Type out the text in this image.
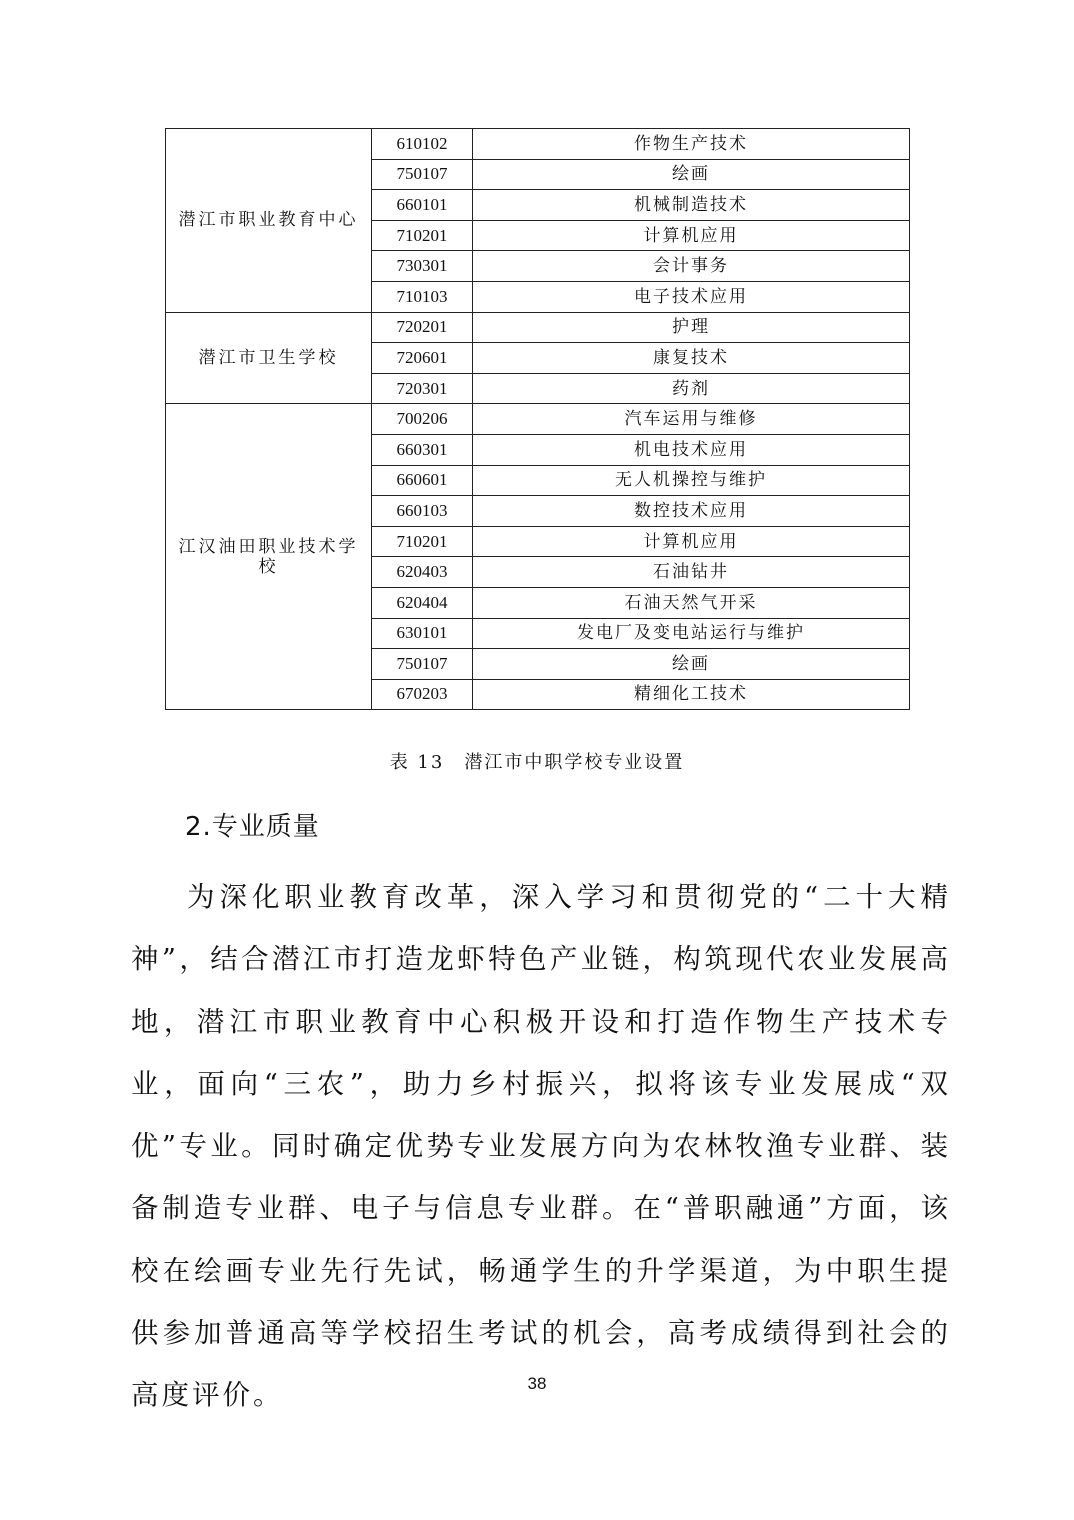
潜江市职业教育中心	610102	作物生产技术
	750107	绘画
	660101	机械制造技术
	710201	计算机应用
	730301	会计事务
	710103	电子技术应用
潜江市卫生学校	720201	护理
	720601	康复技术
	720301	药剂
江汉油田职业技术学校	700206	汽车运用与维修
	660301	机电技术应用
	660601	无人机操控与维护
	660103	数控技术应用
	710201	计算机应用
	620403	石油钻井
	620404	石油天然气开采
	630101	发电厂及变电站运行与维护
	750107	绘画
	670203	精细化工技术
表 13　潜江市中职学校专业设置
2.专业质量

为深化职业教育改革，深入学习和贯彻党的“二十大精神”，结合潜江市打造龙虾特色产业链，构筑现代农业发展高地，潜江市职业教育中心积极开设和打造作物生产技术专业，面向“三农”，助力乡村振兴，拟将该专业发展成“双优”专业。同时确定优势专业发展方向为农林牧渔专业群、装备制造专业群、电子与信息专业群。在“普职融通”方面，该校在绘画专业先行先试，畅通学生的升学渠道，为中职生提供参加普通高等学校招生考试的机会，高考成绩得到社会的高度评价。	38
